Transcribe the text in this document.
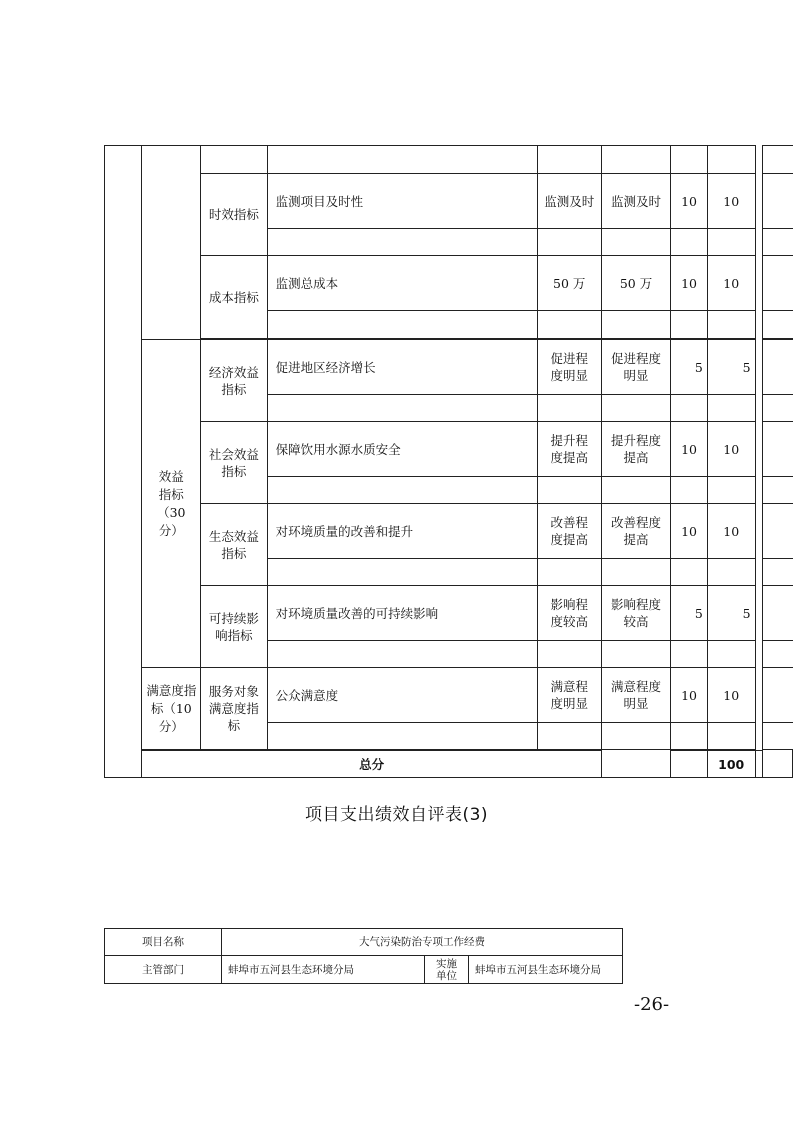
		时效指标	监测项目及时性	监测及时	监测及时	10	10			

		成本指标	监测总成本	50 万	50 万	10	10			

	效益指标（30 分）	经济效益指标	促进地区经济增长	促进程度明显	促进程度明显	5	5			

		社会效益指标	保障饮用水源水质安全	提升程度提高	提升程度提高	10	10			

		生态效益指标	对环境质量的改善和提升	改善程度提高	改善程度提高	10	10			

		可持续影响指标	对环境质量改善的可持续影响	影响程度较高	影响程度较高	5	5			

	满意度指标（10 分）	服务对象满意度指标	公众满意度	满意程度明显	满意程度明显	10	10			

	总分						100			
项目支出绩效自评表(3)
项目名称	大气污染防治专项工作经费		
主管部门	蚌埠市五河县生态环境分局	实施单位	蚌埠市五河县生态环境分局
-26-
